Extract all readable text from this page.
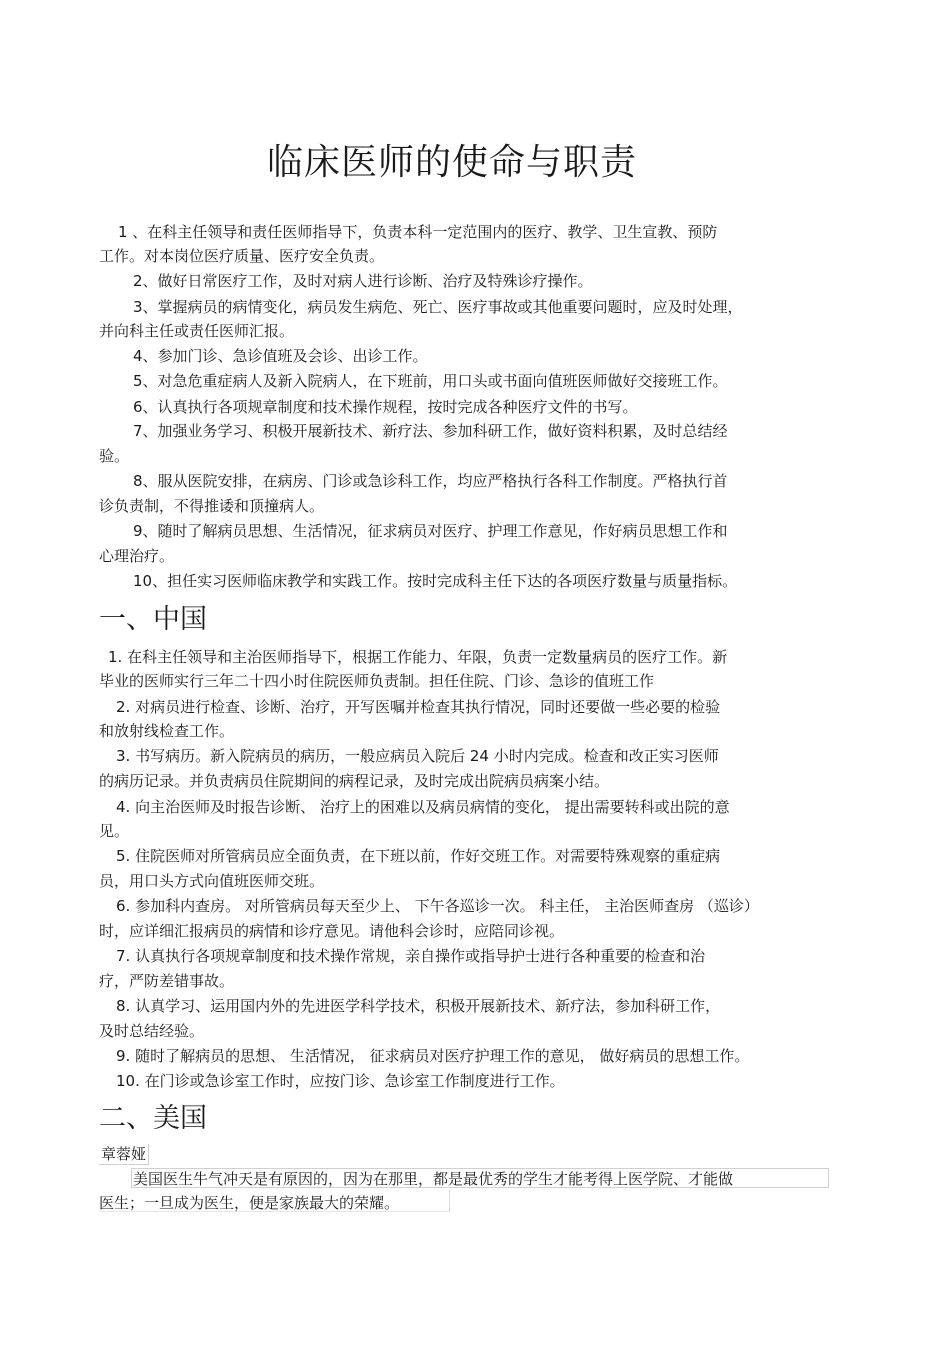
临床医师的使命与职责
1 、在科主任领导和责任医师指导下，负责本科一定范围内的医疗、教学、卫生宣教、预防
工作。对本岗位医疗质量、医疗安全负责。
2、做好日常医疗工作，及时对病人进行诊断、治疗及特殊诊疗操作。
3、掌握病员的病情变化，病员发生病危、死亡、医疗事故或其他重要问题时，应及时处理，
并向科主任或责任医师汇报。
4、参加门诊、急诊值班及会诊、出诊工作。
5、对急危重症病人及新入院病人，在下班前，用口头或书面向值班医师做好交接班工作。
6、认真执行各项规章制度和技术操作规程，按时完成各种医疗文件的书写。
7、加强业务学习、积极开展新技术、新疗法、参加科研工作，做好资料积累，及时总结经
验。
8、服从医院安排，在病房、门诊或急诊科工作，均应严格执行各科工作制度。严格执行首
诊负责制，不得推诿和顶撞病人。
9、随时了解病员思想、生活情况，征求病员对医疗、护理工作意见，作好病员思想工作和
心理治疗。
10、担任实习医师临床教学和实践工作。按时完成科主任下达的各项医疗数量与质量指标。
一、中国
1. 在科主任领导和主治医师指导下，根据工作能力、年限，负责一定数量病员的医疗工作。新
毕业的医师实行三年二十四小时住院医师负责制。担任住院、门诊、急诊的值班工作
2. 对病员进行检查、诊断、治疗，开写医嘱并检查其执行情况，同时还要做一些必要的检验
和放射线检查工作。
3. 书写病历。新入院病员的病历，一般应病员入院后 24 小时内完成。检查和改正实习医师
的病历记录。并负责病员住院期间的病程记录，及时完成出院病员病案小结。
4. 向主治医师及时报告诊断、 治疗上的困难以及病员病情的变化， 提出需要转科或出院的意
见。
5. 住院医师对所管病员应全面负责，在下班以前，作好交班工作。对需要特殊观察的重症病
员，用口头方式向值班医师交班。
6. 参加科内查房。 对所管病员每天至少上、 下午各巡诊一次。 科主任， 主治医师查房 （巡诊）
时，应详细汇报病员的病情和诊疗意见。请他科会诊时，应陪同诊视。
7. 认真执行各项规章制度和技术操作常规，亲自操作或指导护士进行各种重要的检查和治
疗，严防差错事故。
8. 认真学习、运用国内外的先进医学科学技术，积极开展新技术、新疗法，参加科研工作，
及时总结经验。
9. 随时了解病员的思想、 生活情况， 征求病员对医疗护理工作的意见， 做好病员的思想工作。
10. 在门诊或急诊室工作时，应按门诊、急诊室工作制度进行工作。
二、美国
章蓉娅
美国医生牛气冲天是有原因的，因为在那里，都是最优秀的学生才能考得上医学院、才能做
医生；一旦成为医生，便是家族最大的荣耀。
